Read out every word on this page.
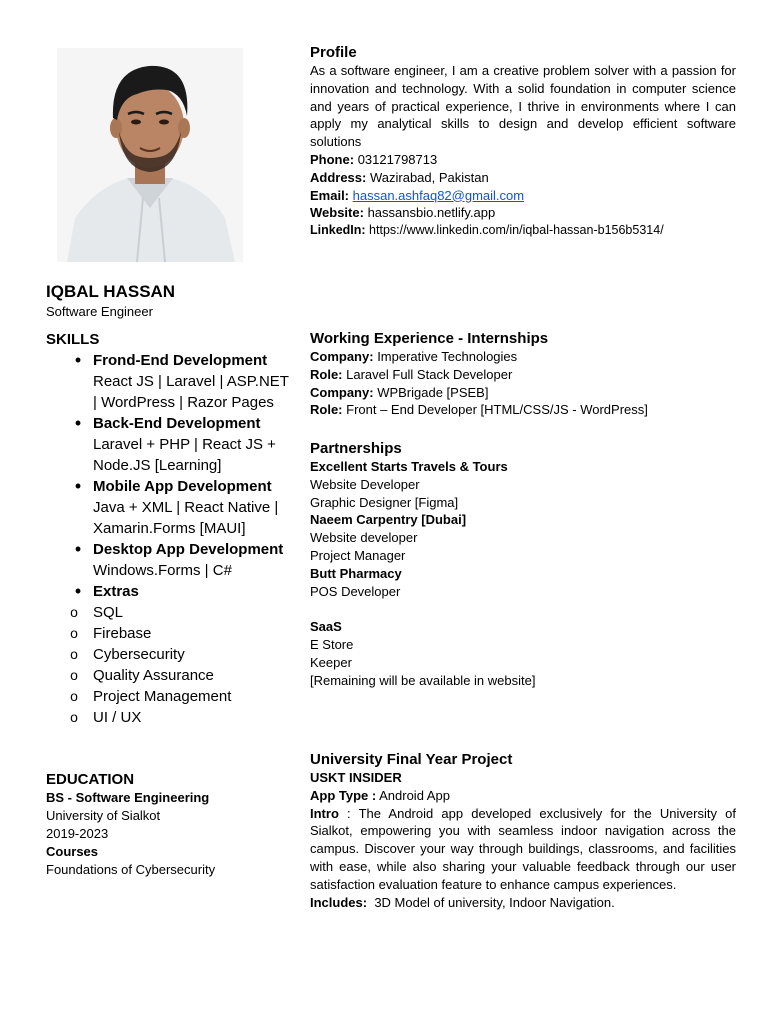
Profile
As a software engineer, I am a creative problem solver with a passion for innovation and technology. With a solid foundation in computer science and years of practical experience, I thrive in environments where I can apply my analytical skills to design and develop efficient software solutions
Phone: 03121798713
Address: Wazirabad, Pakistan
Email: hassan.ashfaq82@gmail.com
Website: hassansbio.netlify.app
LinkedIn: https://www.linkedin.com/in/iqbal-hassan-b156b5314/
IQBAL HASSAN
Software Engineer
SKILLS
•
Frond-End Development
React JS | Laravel | ASP.NET | WordPress | Razor Pages
•
Back-End Development
Laravel + PHP | React JS + Node.JS [Learning]
•
Mobile App Development
Java + XML | React Native | Xamarin.Forms [MAUI]
•
Desktop App Development
Windows.Forms | C#
•
Extras
o
SQL
o
Firebase
o
Cybersecurity
o
Quality Assurance
o
Project Management
o
UI / UX
EDUCATION
BS - Software Engineering
University of Sialkot
2019-2023
Courses
Foundations of Cybersecurity
Working Experience - Internships
Company: Imperative Technologies
Role: Laravel Full Stack Developer
Company: WPBrigade [PSEB]
Role: Front – End Developer [HTML/CSS/JS - WordPress]
Partnerships
Excellent Starts Travels & Tours
Website Developer
Graphic Designer [Figma]
Naeem Carpentry [Dubai]
Website developer
Project Manager
Butt Pharmacy
POS Developer
SaaS
E Store
Keeper
[Remaining will be available in website]
University Final Year Project
USKT INSIDER
App Type : Android App
Intro : The Android app developed exclusively for the University of Sialkot, empowering you with seamless indoor navigation across the campus. Discover your way through buildings, classrooms, and facilities with ease, while also sharing your valuable feedback through our user satisfaction evaluation feature to enhance campus experiences.
Includes: 3D Model of university, Indoor Navigation.
